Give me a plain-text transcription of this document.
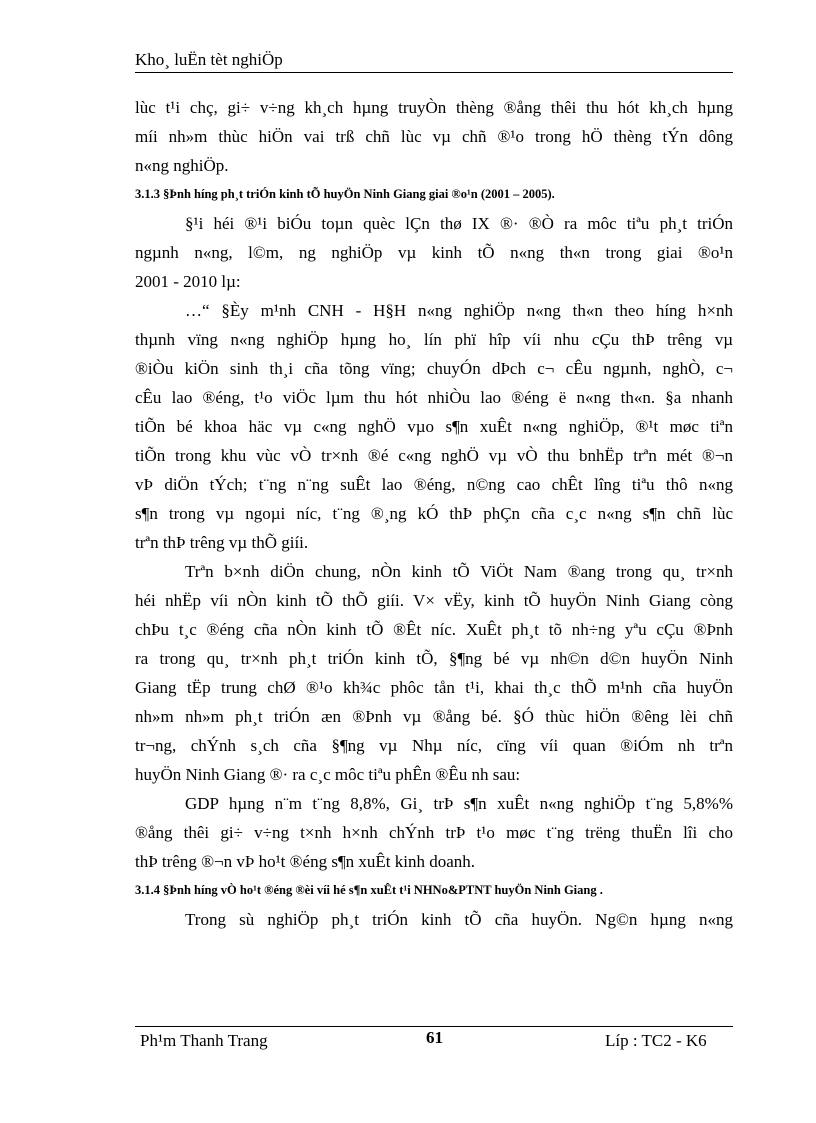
Kho¸ luËn tèt nghiÖp
lùc t¹i chç, gi÷ v÷ng kh¸ch hµng truyÒn thèng ®ång thêi thu hót kh¸ch hµng
míi nh»m thùc hiÖn vai trß chñ lùc vµ chñ ®¹o trong hÖ thèng tÝn dông
n«ng nghiÖp.
3.1.3 §Þnh híng ph¸t triÓn kinh tÕ huyÖn Ninh Giang giai ®o¹n (2001 – 2005).
§¹i héi ®¹i biÓu toµn quèc lÇn thø IX ®· ®Ò ra môc tiªu ph¸t triÓn
ngµnh n«ng, l©m, ng nghiÖp vµ kinh tÕ n«ng th«n trong giai ®o¹n
2001 - 2010 lµ:
…“ §Èy m¹nh CNH - H§H n«ng nghiÖp n«ng th«n theo híng h×nh
thµnh vïng n«ng nghiÖp hµng ho¸ lín phï hîp víi nhu cÇu thÞ trêng vµ
®iÒu kiÖn sinh th¸i cña tõng vïng; chuyÓn dÞch c¬ cÊu ngµnh, nghÒ, c¬
cÊu lao ®éng, t¹o viÖc lµm thu hót nhiÒu lao ®éng ë n«ng th«n. §a nhanh
tiÕn bé khoa häc vµ c«ng nghÖ vµo s¶n xuÊt n«ng nghiÖp, ®¹t møc tiªn
tiÕn trong khu vùc vÒ tr×nh ®é c«ng nghÖ vµ vÒ thu bnhËp trªn mét ®¬n
vÞ diÖn tÝch; t¨ng n¨ng suÊt lao ®éng, n©ng cao chÊt lîng tiªu thô n«ng
s¶n trong vµ ngoµi níc, t¨ng ®¸ng kÓ thÞ phÇn cña c¸c n«ng s¶n chñ lùc
trªn thÞ trêng vµ thÕ giíi.
Trªn b×nh diÖn chung, nÒn kinh tÕ ViÖt Nam ®ang trong qu¸ tr×nh
héi nhËp víi nÒn kinh tÕ thÕ giíi. V× vËy, kinh tÕ huyÖn Ninh Giang còng
chÞu t¸c ®éng cña nÒn kinh tÕ ®Êt níc. XuÊt ph¸t tõ nh÷ng yªu cÇu ®Þnh
ra trong qu¸ tr×nh ph¸t triÓn kinh tÕ, §¶ng bé vµ nh©n d©n huyÖn Ninh
Giang tËp trung chØ ®¹o kh¾c phôc tån t¹i, khai th¸c thÕ m¹nh cña huyÖn
nh»m nh»m ph¸t triÓn æn ®Þnh vµ ®ång bé. §Ó thùc hiÖn ®êng lèi chñ
tr¬ng, chÝnh s¸ch cña §¶ng vµ Nhµ níc, cïng víi quan ®iÓm nh trªn
huyÖn Ninh Giang ®· ra c¸c môc tiªu phÊn ®Êu nh sau:
GDP hµng n¨m t¨ng 8,8%, Gi¸ trÞ s¶n xuÊt n«ng nghiÖp t¨ng 5,8%%
®ång thêi gi÷ v÷ng t×nh h×nh chÝnh trÞ t¹o møc t¨ng trëng thuËn lîi cho
thÞ trêng ®¬n vÞ ho¹t ®éng s¶n xuÊt kinh doanh.
3.1.4 §Þnh híng vÒ ho¹t ®éng ®èi víi hé s¶n xuÊt t¹i NHNo&PTNT huyÖn Ninh Giang .
Trong sù nghiÖp ph¸t triÓn kinh tÕ cña huyÖn. Ng©n hµng n«ng
Ph¹m Thanh Trang	61	Líp : TC2 - K6
